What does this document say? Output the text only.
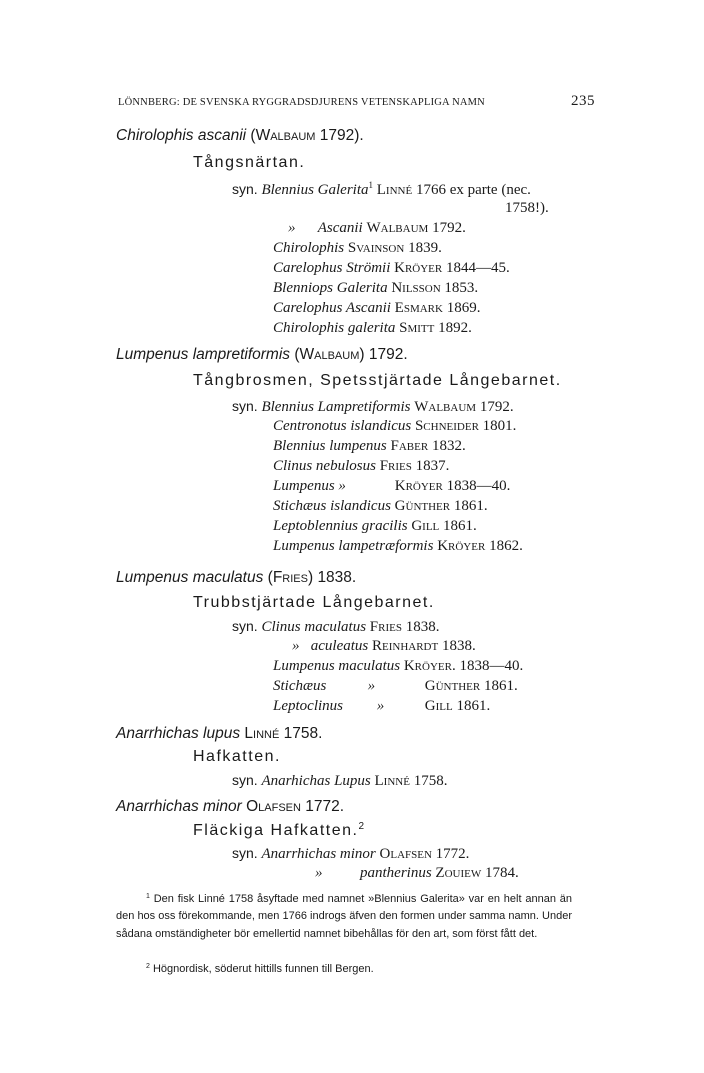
LÖNNBERG: DE SVENSKA RYGGRADSDJURENS VETENSKAPLIGA NAMN	235
Chirolophis ascanii (Walbaum 1792).
Tångsnärtan.
syn. Blennius Galerita$^1$ Linné 1766 ex parte (nec.
1758!).
»      Ascanii Walbaum 1792.
Chirolophis Svainson 1839.
Carelophus Strömii Kröyer 1844—45.
Blenniops Galerita Nilsson 1853.
Carelophus Ascanii Esmark 1869.
Chirolophis galerita Smitt 1892.
Lumpenus lampretiformis (Walbaum) 1792.
Tångbrosmen, Spetsstjärtade Långebarnet.
syn. Blennius Lampretiformis Walbaum 1792.
Centronotus islandicus Schneider 1801.
Blennius lumpenus Faber 1832.
Clinus nebulosus Fries 1837.
Lumpenus »	Kröyer 1838—40.
Stichæus islandicus Günther 1861.
Leptoblennius gracilis Gill 1861.
Lumpenus lampetræformis Kröyer 1862.
Lumpenus maculatus (Fries) 1838.
Trubbstjärtade Långebarnet.
syn. Clinus maculatus Fries 1838.
»   aculeatus Reinhardt 1838.
Lumpenus maculatus Kröyer. 1838—40.
Stichæus           »	Günther 1861.
Leptoclinus         »	Gill 1861.
Anarrhichas lupus Linné 1758.
Hafkatten.
syn. Anarhichas Lupus Linné 1758.
Anarrhichas minor Olafsen 1772.
Fläckiga Hafkatten.$^2$
syn. Anarrhichas minor Olafsen 1772.
»          pantherinus Zouiew 1784.
$^1$ Den fisk Linné 1758 åsyftade med namnet »Blennius Galerita» var en helt annan än den hos oss förekommande, men 1766 indrogs äfven den formen under samma namn. Under sådana omständigheter bör emellertid namnet bibehållas för den art, som först fått det.
$^2$ Högnordisk, söderut hittills funnen till Bergen.
